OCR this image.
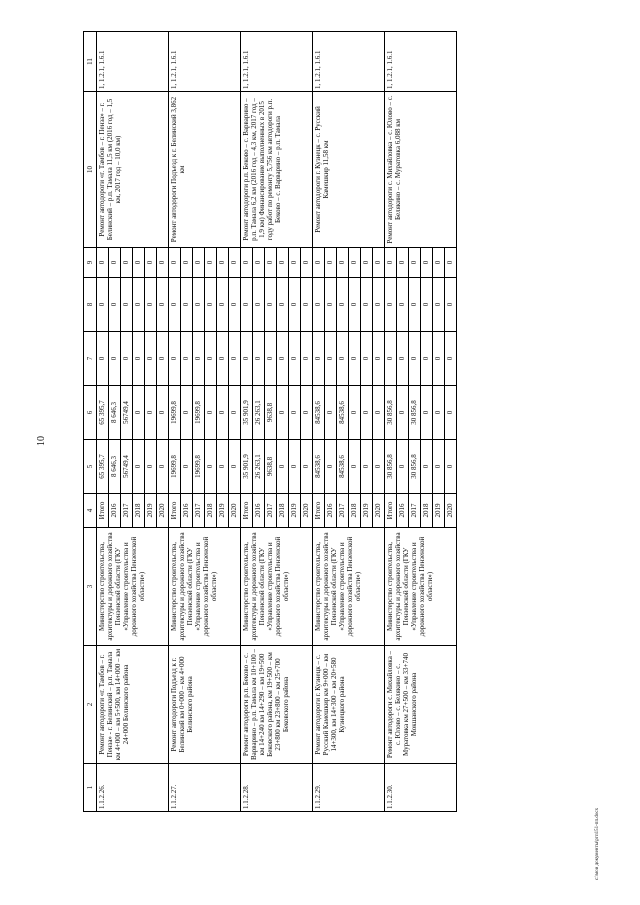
10
1	2	3	4	5	6	7	8	9	10	11
1.1.2.26.	Ремонт автодороги «г. Тамбов – г. Пенза» - г. Белинский – р.п. Тамала км 4+000 – км 5+500, км 14+000 – км 24+000 Белинского района	Министерство строительства, архитектуры и дорожного хозяйства Пензенской области (ГКУ «Управление строительства и дорожного хозяйства Пензенской области»)	Итого	65 395,7	65 395,7	0	0	0	Ремонт автодороги «г. Тамбов – г. Пенза» – г. Белинский – р.п. Тамала 11,5 км (2016 год – 1,5 км, 2017 год – 10,0 км)	1, 1.2.1, 1.6.1
			2016	8 646,3	8 646,3	0	0	0		
			2017	56749,4	56749,4	0	0	0		
			2018	0	0	0	0	0		
			2019	0	0	0	0	0		
			2020	0	0	0	0	0		
1.1.2.27.	Ремонт автодороги Подъезд к г. Белинский км 0+000 – км 4+000 Белинского района	Министерство строительства, архитектуры и дорожного хозяйства Пензенской области (ГКУ «Управление строительства и дорожного хозяйства Пензенской области»)	Итого	19699,8	19699,8	0	0	0	Ремонт автодороги Подъезд к г. Белинский 3,862 км	1, 1.2.1, 1.6.1
			2016	0	0	0	0	0		
			2017	19699,8	19699,8	0	0	0		
			2018	0	0	0	0	0		
			2019	0	0	0	0	0		
			2020	0	0	0	0	0		
1.1.2.28.	Ремонт автодороги р.п. Беково – с. Варварино – р.п. Тамала км 10+100 – км 14+240 км 14+290 – км 19+500 Бековского района, км 19+500 – км 23+800 км 23+800 – км 25+700 Бековского района	Министерство строительства, архитектуры и дорожного хозяйства Пензенской области (ГКУ «Управление строительства и дорожного хозяйства Пензенской области»)	Итого	35 901,9	35 901,9	0	0	0	Ремонт автодороги р.п. Беково – с. Варварино – р.п. Тамала 6,2 км (2016 год – 4,3 км, 2017 год – 1,9 км) Финансирование выполненных в 2015 году работ по ремонту 5,756 км автодороги р.п. Беково – с. Варварино – р.п. Тамала	1, 1.2.1, 1.6.1
			2016	26 263,1	26 263,1	0	0	0		
			2017	9638,8	9638,8	0	0	0		
			2018	0	0	0	0	0		
			2019	0	0	0	0	0		
			2020	0	0	0	0	0		
1.1.2.29.	Ремонт автодороги г. Кузнецк – с. Русский Камешкир км 9+000 – км 14+300, км 14+300 – км 20+580 Кузнецкого района	Министерство строительства, архитектуры и дорожного хозяйства Пензенской области (ГКУ «Управление строительства и дорожного хозяйства Пензенской области»)	Итого	84538,6	84538,6	0	0	0	Ремонт автодороги г. Кузнецк – с. Русский Камешкир 11,58 км	1, 1.2.1, 1.6.1
			2016	0	0	0	0	0		
			2017	84538,6	84538,6	0	0	0		
			2018	0	0	0	0	0		
			2019	0	0	0	0	0		
			2020	0	0	0	0	0		
1.1.2.30.	Ремонт автодороги с. Михайловка – с. Юлово – с. Белякино – с. Муратовка км 27+500 – км 33+740 Мокшанского района	Министерство строительства, архитектуры и дорожного хозяйства Пензенской области (ГКУ «Управление строительства и дорожного хозяйства Пензенской области»)	Итого	30 856,8	30 856,8	0	0	0	Ремонт автодороги с. Михайловка – с. Юлово – с. Белякино – с. Муратовка 6,088 км	1, 1.2.1, 1.6.1
			2016	0	0	0	0	0		
			2017	30 856,8	30 856,8	0	0	0		
			2018	0	0	0	0	0		
			2019	0	0	0	0	0		
			2020	0	0	0	0	0		
c:\мои документы\ргп151-пп.docx
